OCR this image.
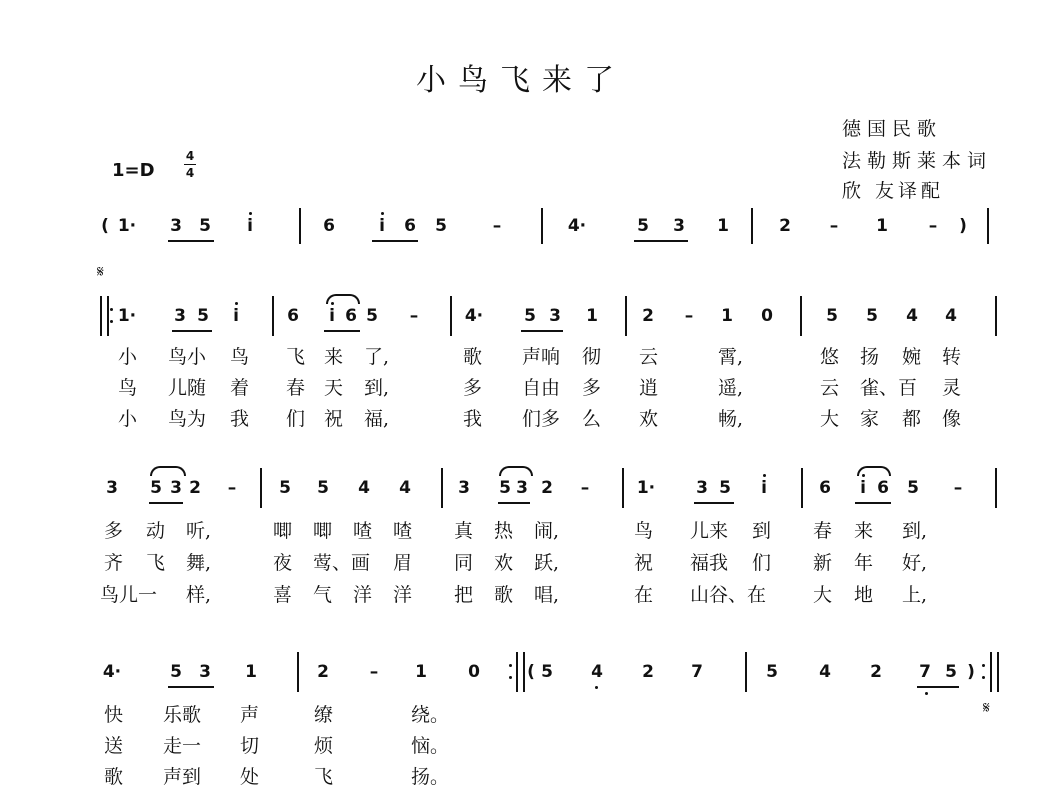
小鸟飞来了
德国民歌
法勒斯莱本词
欣 友译配
1=D
4
4
( 1· 3 5 i	6	i 6 5	–	4·	5 3 1	2 – 1 – )
𝄋
1· 3 5 i	6 i 6 5 –	4· 5 3 1	2 – 1 0	5 5 4 4
小 鸟小 鸟 飞 来 了,	歌 声响 彻 云	霄,	悠 扬 婉 转
鸟 儿随 着 春 天 到,	多 自由 多 逍	遥,	云 雀、百 灵
小 鸟为 我 们 祝 福,	我 们多 么 欢	畅,	大 家 都 像
3 5 3 2 –	5 5 4 4	3 5 3 2 –	1· 3 5 i	6 i 6 5 –
多 动 听,	唧 唧 喳 喳 真 热 闹,	鸟 儿来 到 春 来 到,
齐 飞 舞,	夜 莺、画 眉 同 欢 跃,	祝 福我 们 新 年 好,
鸟儿一 样,	喜 气 洋 洋 把 歌 唱,	在 山谷、在 大 地 上,
4·	5 3 1	2 – 1 0	( 5 4 2 7	5 4 2 7 5 )
𝄋
快 乐歌 声	缭	绕。
送 走一 切	烦	恼。
歌 声到 处	飞	扬。
